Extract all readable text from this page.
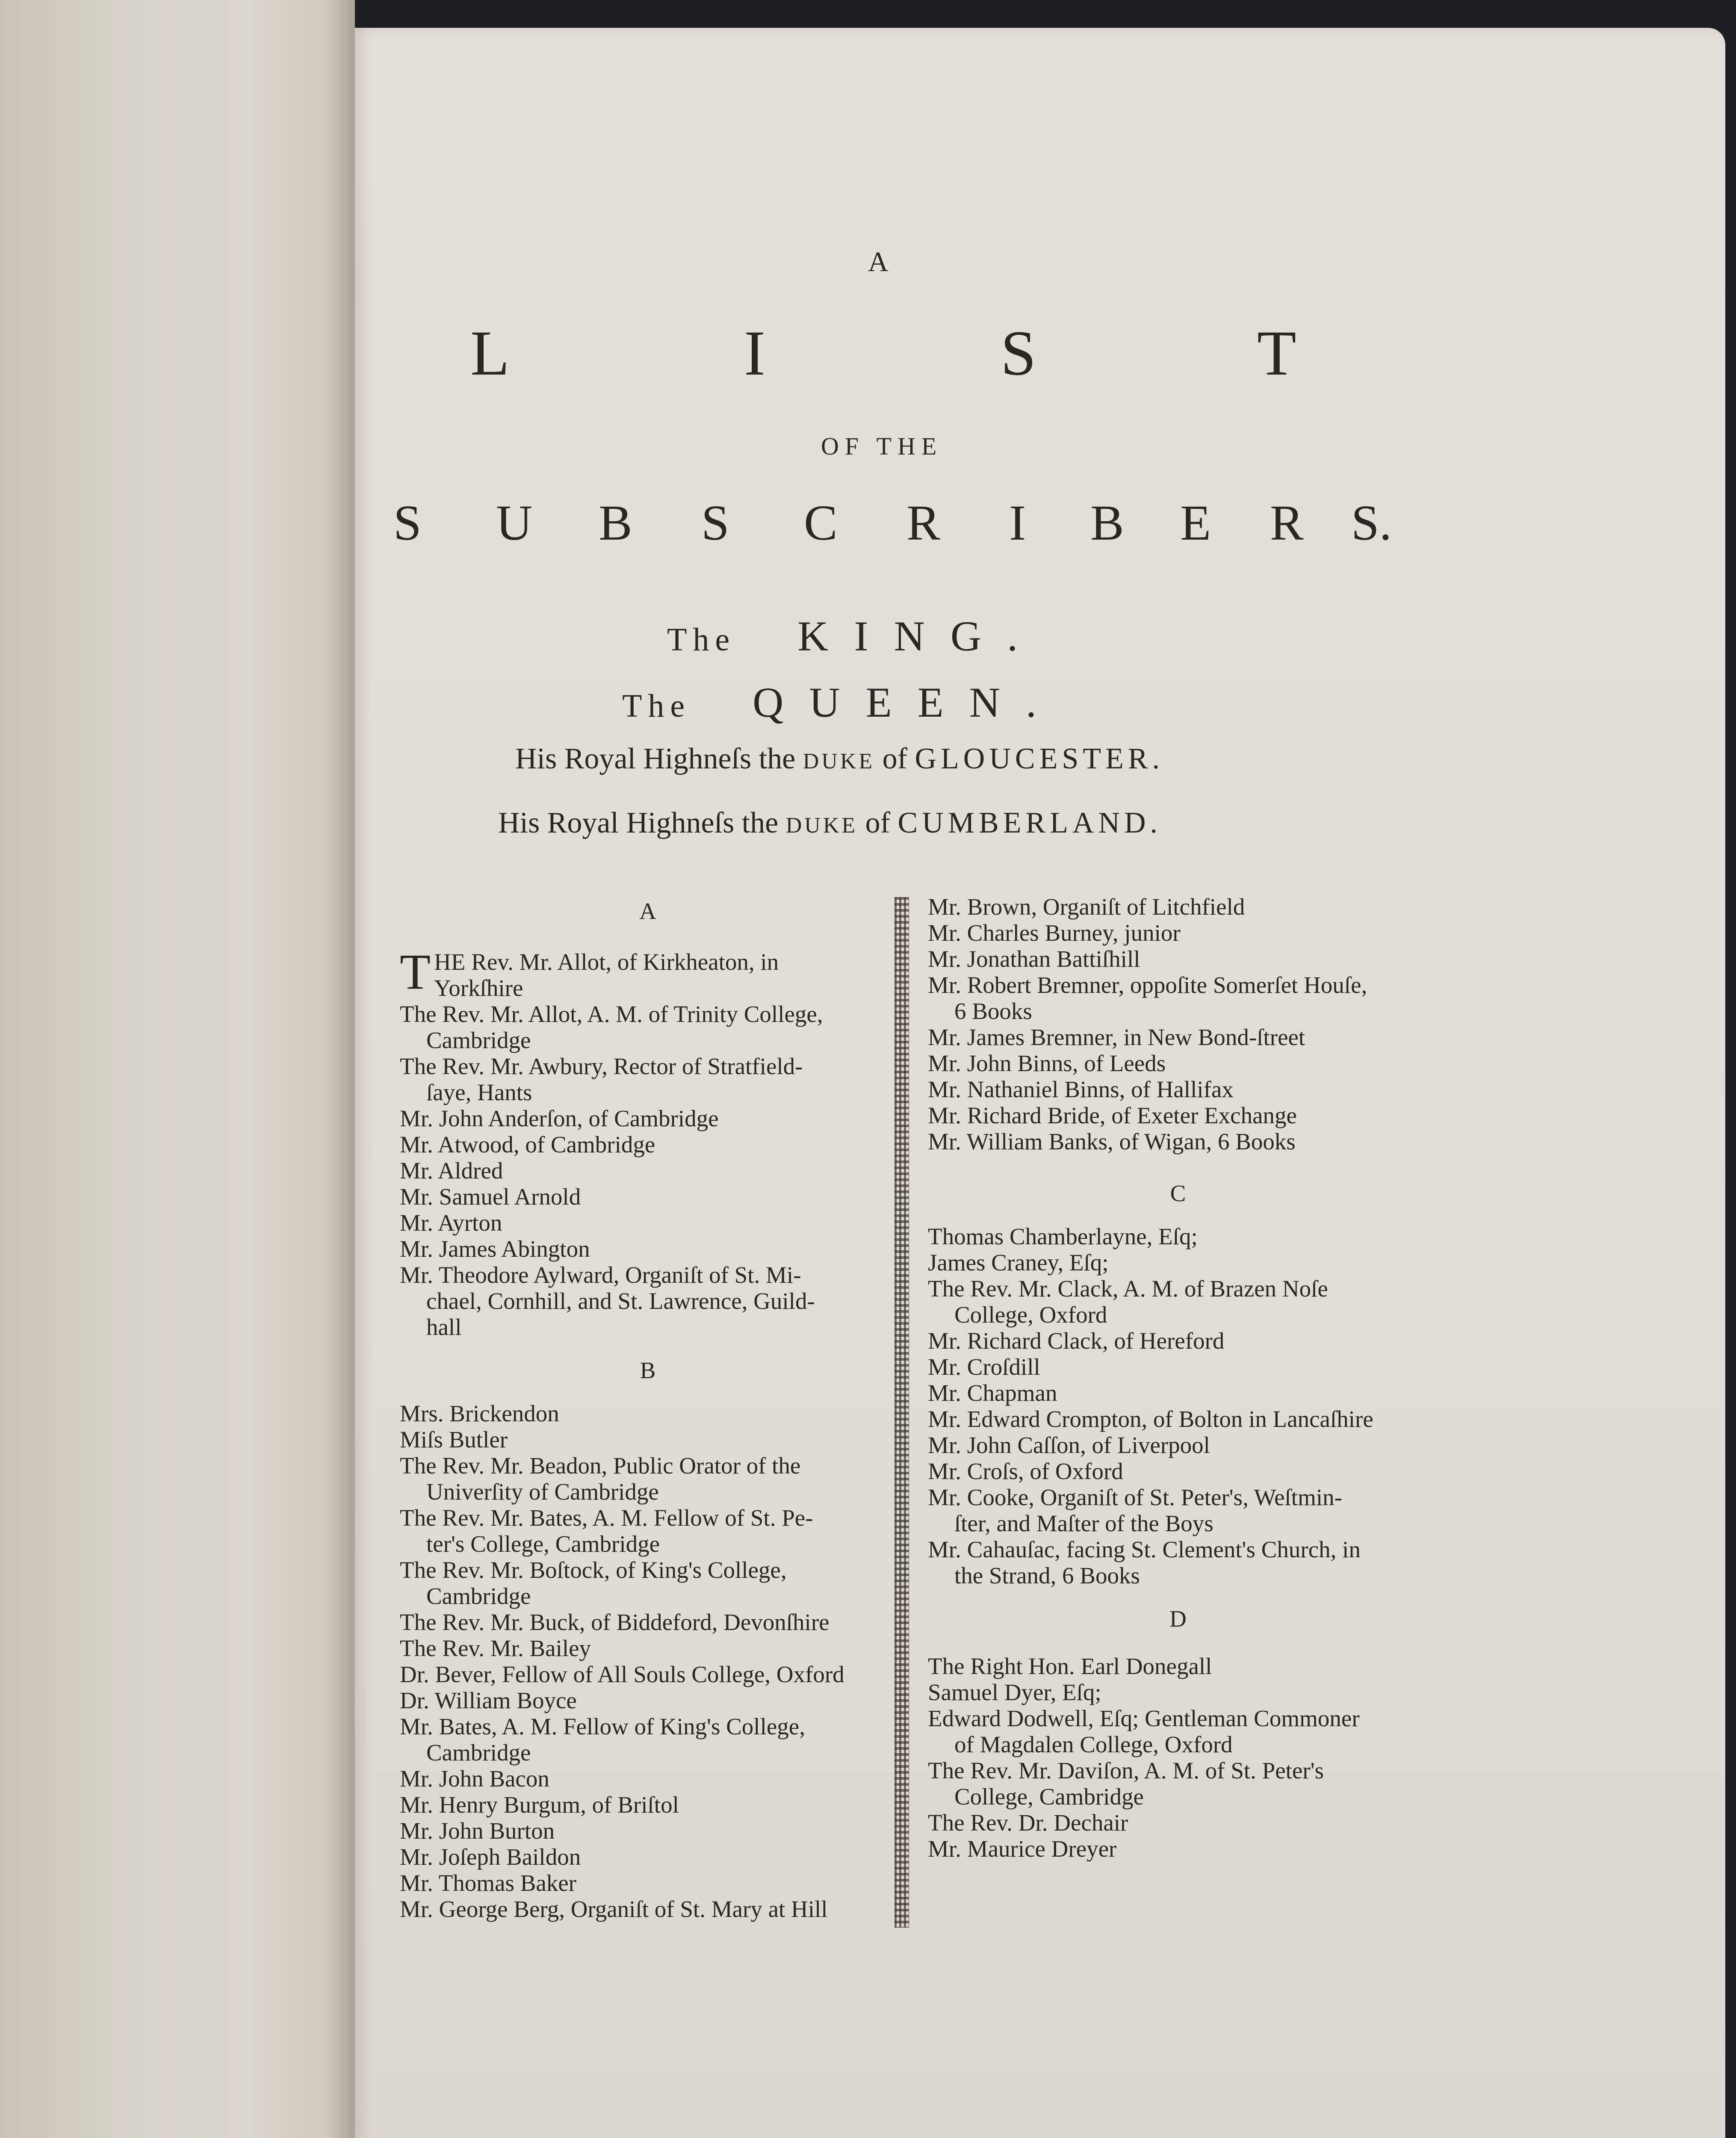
A
L	I	S	T
OF THE
S U B S C R I B E R S.
The KING.
The QUEEN.
His Royal Highneſs the DUKE of GLOUCESTER.
His Royal Highneſs the DUKE of CUMBERLAND.

A

T HE Rev. Mr. Allot, of Kirkheaton, in
Yorkſhire

The Rev. Mr. Allot, A. M. of Trinity College,
Cambridge

The Rev. Mr. Awbury, Rector of Stratfield-
ſaye, Hants

Mr. John Anderſon, of Cambridge

Mr. Atwood, of Cambridge

Mr. Aldred

Mr. Samuel Arnold

Mr. Ayrton

Mr. James Abington

Mr. Theodore Aylward, Organiſt of St. Mi-
chael, Cornhill, and St. Lawrence, Guild-

hall

B

Mrs. Brickendon

Miſs Butler

The Rev. Mr. Beadon, Public Orator of the
Univerſity of Cambridge

The Rev. Mr. Bates, A. M. Fellow of St. Pe-
ter's College, Cambridge

The Rev. Mr. Boſtock, of King's College,
Cambridge

The Rev. Mr. Buck, of Biddeford, Devonſhire

The Rev. Mr. Bailey

Dr. Bever, Fellow of All Souls College, Oxford

Dr. William Boyce

Mr. Bates, A. M. Fellow of King's College,
Cambridge

Mr. John Bacon

Mr. Henry Burgum, of Briſtol

Mr. John Burton

Mr. Joſeph Baildon

Mr. Thomas Baker

Mr. George Berg, Organiſt of St. Mary at Hill

Mr. Brown, Organiſt of Litchfield

Mr. Charles Burney, junior

Mr. Jonathan Battiſhill

Mr. Robert Bremner, oppoſite Somerſet Houſe,
6 Books

Mr. James Bremner, in New Bond-ſtreet

Mr. John Binns, of Leeds

Mr. Nathaniel Binns, of Hallifax

Mr. Richard Bride, of Exeter Exchange

Mr. William Banks, of Wigan, 6 Books

C

Thomas Chamberlayne, Eſq;

James Craney, Eſq;

The Rev. Mr. Clack, A. M. of Brazen Noſe
College, Oxford

Mr. Richard Clack, of Hereford

Mr. Croſdill

Mr. Chapman

Mr. Edward Crompton, of Bolton in Lancaſhire

Mr. John Caſſon, of Liverpool

Mr. Croſs, of Oxford

Mr. Cooke, Organiſt of St. Peter's, Weſtmin-
ſter, and Maſter of the Boys

Mr. Cahauſac, facing St. Clement's Church, in
the Strand, 6 Books

D

The Right Hon. Earl Donegall

Samuel Dyer, Eſq;

Edward Dodwell, Eſq; Gentleman Commoner
of Magdalen College, Oxford

The Rev. Mr. Daviſon, A. M. of St. Peter's
College, Cambridge

The Rev. Dr. Dechair

Mr. Maurice Dreyer
